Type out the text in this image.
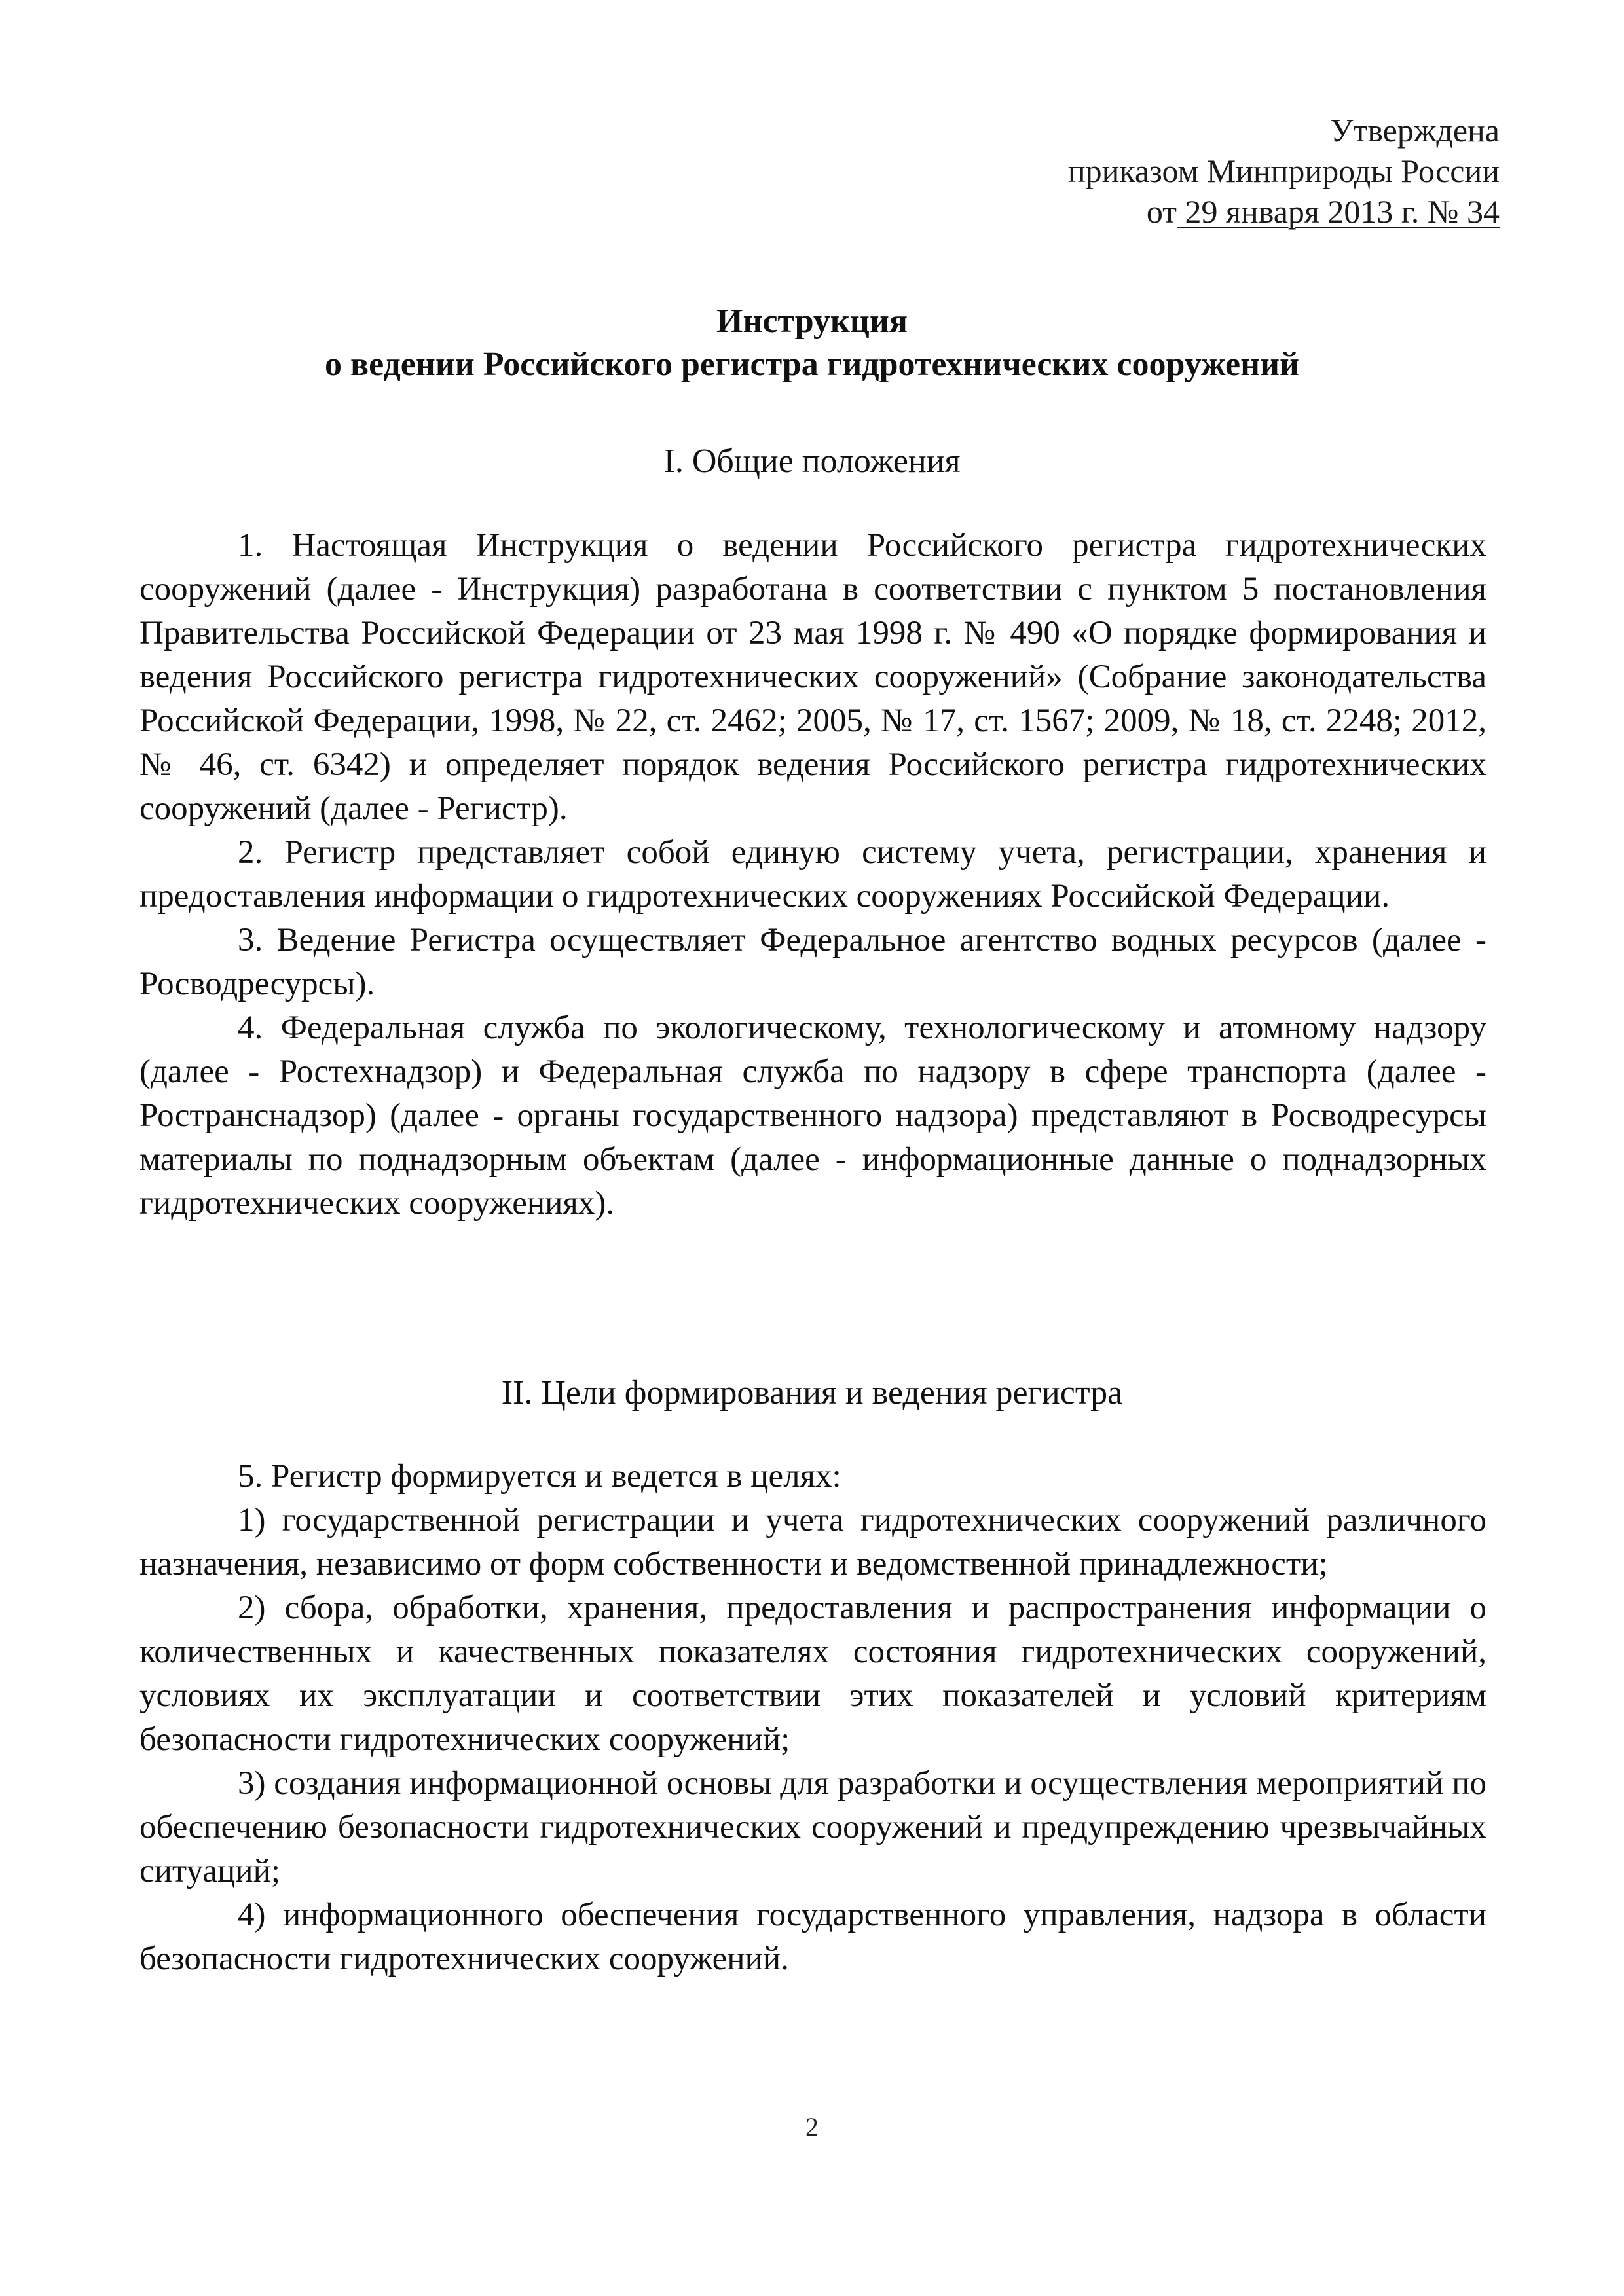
Утверждена
приказом Минприроды России
от 29 января 2013 г. № 34
Инструкция
о ведении Российского регистра гидротехнических сооружений
I. Общие положения

1. Настоящая Инструкция о ведении Российского регистра гидротехнических сооружений (далее - Инструкция) разработана в соответствии с пунктом 5 постановления Правительства Российской Федерации от 23 мая 1998 г. № 490 «О порядке формирования и ведения Российского регистра гидротехнических сооружений» (Собрание законодательства Российской Федерации, 1998, № 22, ст. 2462; 2005, № 17, ст. 1567; 2009, № 18, ст. 2248; 2012, № 46, ст. 6342) и определяет порядок ведения Российского регистра гидротехнических сооружений (далее - Регистр).

2. Регистр представляет собой единую систему учета, регистрации, хранения и предоставления информации о гидротехнических сооружениях Российской Федерации.

3. Ведение Регистра осуществляет Федеральное агентство водных ресурсов (далее - Росводресурсы).

4. Федеральная служба по экологическому, технологическому и атомному надзору (далее - Ростехнадзор) и Федеральная служба по надзору в сфере транспорта (далее - Ространснадзор) (далее - органы государственного надзора) представляют в Росводресурсы материалы по поднадзорным объектам (далее - информационные данные о поднадзорных гидротехнических сооружениях).

II. Цели формирования и ведения регистра

5. Регистр формируется и ведется в целях:

1) государственной регистрации и учета гидротехнических сооружений различного назначения, независимо от форм собственности и ведомственной принадлежности;

2) сбора, обработки, хранения, предоставления и распространения информации о количественных и качественных показателях состояния гидротехнических сооружений, условиях их эксплуатации и соответствии этих показателей и условий критериям безопасности гидротехнических сооружений;

3) создания информационной основы для разработки и осуществления мероприятий по обеспечению безопасности гидротехнических сооружений и предупреждению чрезвычайных ситуаций;

4) информационного обеспечения государственного управления, надзора в области безопасности гидротехнических сооружений.

2
